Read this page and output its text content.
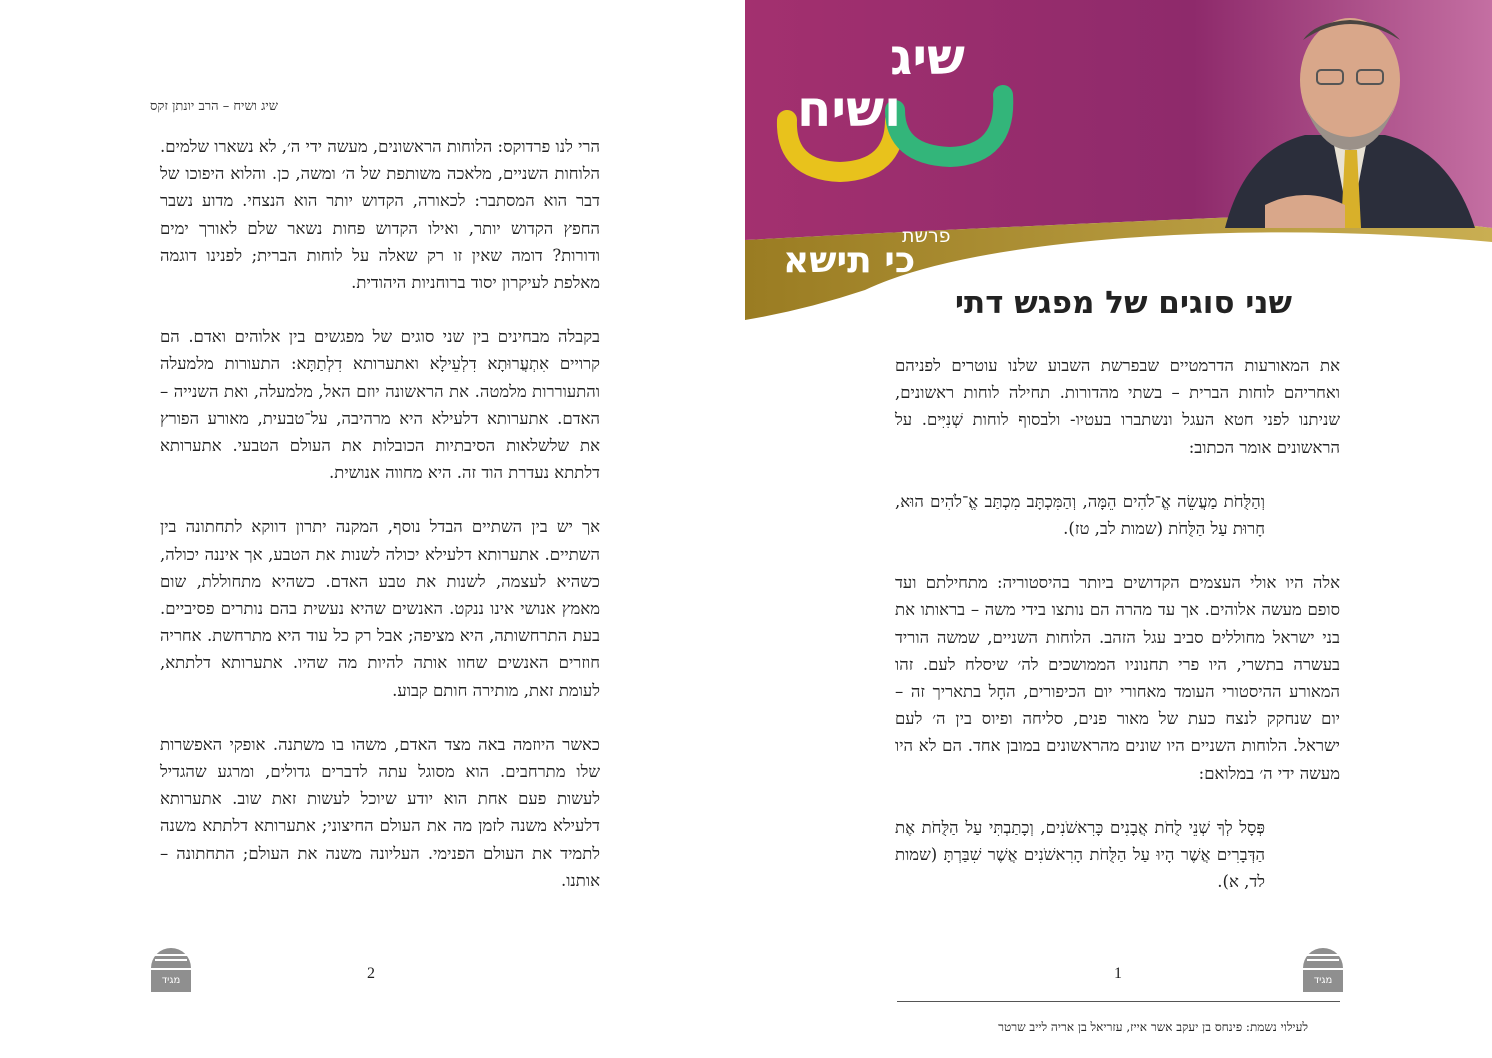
שיג ושיח – הרב יונתן זקס

הרי לנו פרדוקס: הלוחות הראשונים, מעשה ידי ה׳, לא נשארו שלמים. הלוחות השניים, מלאכה משותפת של ה׳ ומשה, כן. והלוא היפוכו של דבר הוא המסתבר: לכאורה, הקדוש יותר הוא הנצחי. מדוע נשבר החפץ הקדוש יותר, ואילו הקדוש פחות נשאר שלם לאורך ימים ודורות? דומה שאין זו רק שאלה על לוחות הברית; לפנינו דוגמה מאלפת לעיקרון יסוד ברוחניות היהודית.

בקבלה מבחינים בין שני סוגים של מפגשים בין אלוהים ואדם. הם קרויים אִתְעֲרוּתָא דִלְעֵילָא ואתערותא דִלְתַתָּא: התעורות מלמעלה והתעוררות מלמטה. את הראשונה יוזם האל, מלמעלה, ואת השנייה – האדם. אתערותא דלעילא היא מרהיבה, על־טבעית, מאורע הפורץ את שלשלאות הסיבתיות הכובלות את העולם הטבעי. אתערותא דלתתא נעדרת הוד זה. היא מחווה אנושית.

אך יש בין השתיים הבדל נוסף, המקנה יתרון דווקא לתחתונה בין השתיים. אתערותא דלעילא יכולה לשנות את הטבע, אך איננה יכולה, כשהיא לעצמה, לשנות את טבע האדם. כשהיא מתחוללת, שום מאמץ אנושי אינו ננקט. האנשים שהיא נעשית בהם נותרים פסיביים. בעת התרחשותה, היא מציפה; אבל רק כל עוד היא מתרחשת. אחריה חוזרים האנשים שחוו אותה להיות מה שהיו. אתערותא דלתתא, לעומת זאת, מותירה חותם קבוע.

כאשר היוזמה באה מצד האדם, משהו בו משתנה. אופקי האפשרות שלו מתרחבים. הוא מסוגל עתה לדברים גדולים, ומרגע שהגדיל לעשות פעם אחת הוא יודע שיוכל לעשות זאת שוב. אתערותא דלעילא משנה לזמן מה את העולם החיצוני; אתערותא דלתתא משנה לתמיד את העולם הפנימי. העליונה משנה את העולם; התחתונה – אותנו.

מגיד	2
שיג
ושיח
פרשת
כי תישא
שני סוגים של מפגש דתי

את המאורעות הדרמטיים שבפרשת השבוע שלנו עוטרים לפניהם ואחריהם לוחות הברית – בשתי מהדורות. תחילה לוחות ראשונים, שניתנו לפני חטא העגל ונשתברו בעטיו- ולבסוף לוחות שְׁנִיִּים. על הראשונים אומר הכתוב:

וְהַלֻּחֹת מַעֲשֵׂה אֱ־לֹהִים הֵמָּה, וְהַמִּכְתָּב מִכְתַּב אֱ־לֹהִים הוּא, חָרוּת עַל הַלֻּחֹת (שמות לב, טז).

אלה היו אולי העצמים הקדושים ביותר בהיסטוריה: מתחילתם ועד סופם מעשה אלוהים. אך עד מהרה הם נותצו בידי משה – בראותו את בני ישראל מחוללים סביב עגל הזהב. הלוחות השניים, שמשה הוריד בעשרה בתשרי, היו פרי תחנוניו הממושכים לה׳ שיסלח לעם. זהו המאורע ההיסטורי העומד מאחורי יום הכיפורים, החָל בתאריך זה – יום שנחקק לנצח כעת של מאור פנים, סליחה ופיוס בין ה׳ לעם ישראל. הלוחות השניים היו שונים מהראשונים במובן אחד. הם לא היו מעשה ידי ה׳ במלואם:

פְּסָל לְךָ שְׁנֵי לֻחֹת אֲבָנִים כָּרִאשֹׁנִים, וְכָתַבְתִּי עַל הַלֻּחֹת אֶת הַדְּבָרִים אֲשֶׁר הָיוּ עַל הַלֻּחֹת הָרִאשֹׁנִים אֲשֶׁר שִׁבַּרְתָּ (שמות לד, א).

1	מגיד
לעילוי נשמת: פינחס בן יעקב אשר אייז, עזריאל בן אריה לייב שרטר
